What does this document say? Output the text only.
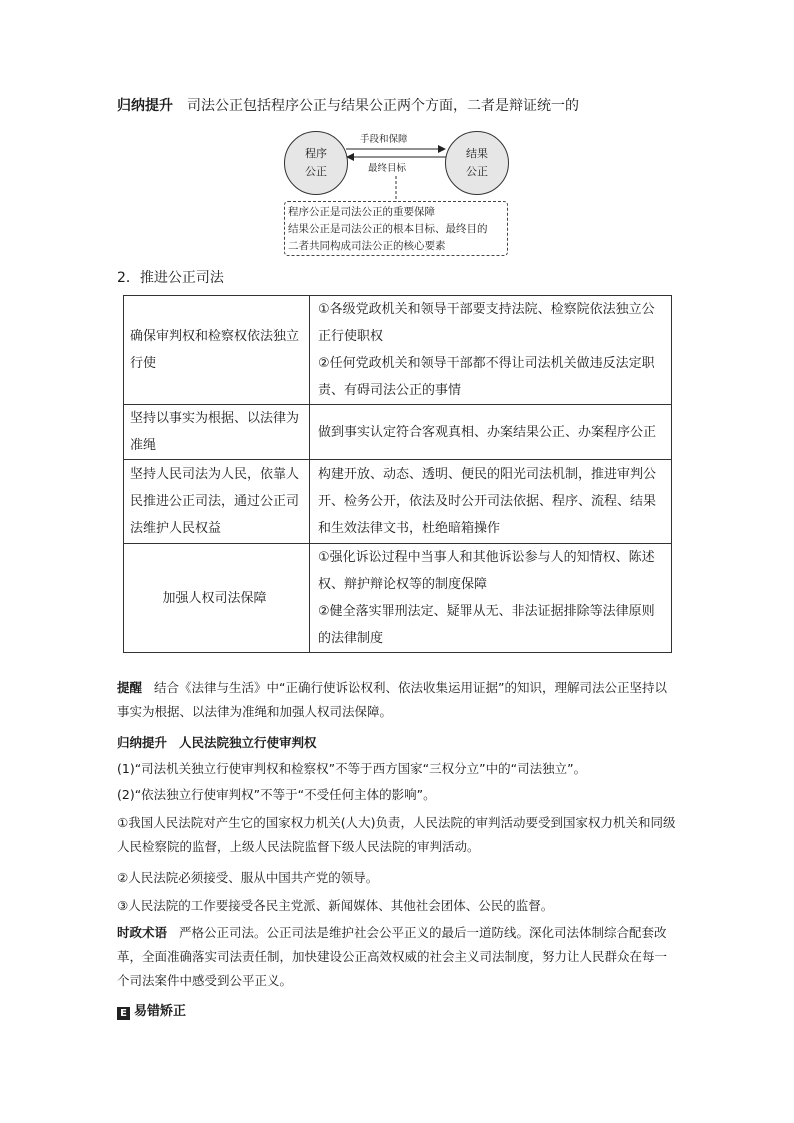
归纳提升 司法公正包括程序公正与结果公正两个方面，二者是辩证统一的
程序
公正
结果
公正
手段和保障
最终目标
程序公正是司法公正的重要保障
结果公正是司法公正的根本目标、最终目的
二者共同构成司法公正的核心要素
2．推进公正司法
确保审判权和检察权依法独立行使	①各级党政机关和领导干部要支持法院、检察院依法独立公正行使职权
②任何党政机关和领导干部都不得让司法机关做违反法定职责、有碍司法公正的事情

坚持以事实为根据、以法律为准绳	做到事实认定符合客观真相、办案结果公正、办案程序公正

坚持人民司法为人民，依靠人民推进公正司法，通过公正司法维护人民权益	构建开放、动态、透明、便民的阳光司法机制，推进审判公开、检务公开，依法及时公开司法依据、程序、流程、结果和生效法律文书，杜绝暗箱操作

加强人权司法保障	①强化诉讼过程中当事人和其他诉讼参与人的知情权、陈述权、辩护辩论权等的制度保障
②健全落实罪刑法定、疑罪从无、非法证据排除等法律原则的法律制度
提醒 结合《法律与生活》中“正确行使诉讼权利、依法收集运用证据”的知识，理解司法公正坚持以事实为根据、以法律为准绳和加强人权司法保障。
归纳提升 人民法院独立行使审判权
(1)“司法机关独立行使审判权和检察权”不等于西方国家“三权分立”中的“司法独立”。
(2)“依法独立行使审判权”不等于“不受任何主体的影响”。
①我国人民法院对产生它的国家权力机关(人大)负责，人民法院的审判活动要受到国家权力机关和同级人民检察院的监督，上级人民法院监督下级人民法院的审判活动。
②人民法院必须接受、服从中国共产党的领导。
③人民法院的工作要接受各民主党派、新闻媒体、其他社会团体、公民的监督。
时政术语 严格公正司法。公正司法是维护社会公平正义的最后一道防线。深化司法体制综合配套改革，全面准确落实司法责任制，加快建设公正高效权威的社会主义司法制度，努力让人民群众在每一个司法案件中感受到公平正义。
E 易错矫正
